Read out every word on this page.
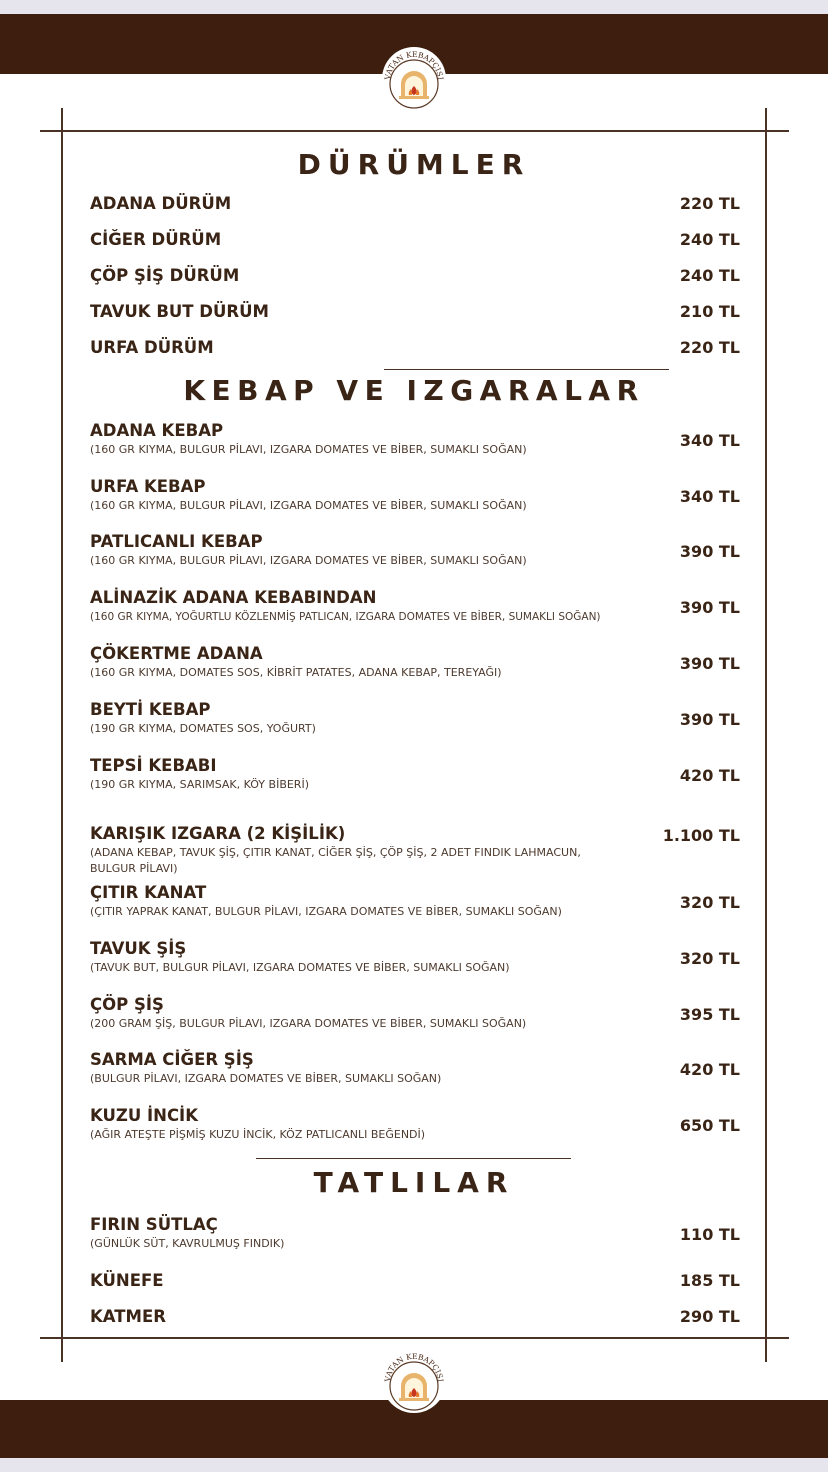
VATAN KEBAPÇISI
VATAN KEBAPÇISI
DÜRÜMLER
ADANA DÜRÜM	220 TL
CİĞER DÜRÜM	240 TL
ÇÖP ŞİŞ DÜRÜM	240 TL
TAVUK BUT DÜRÜM	210 TL
URFA DÜRÜM	220 TL
KEBAP VE IZGARALAR
ADANA KEBAP
(160 GR KIYMA, BULGUR PİLAVI, IZGARA DOMATES VE BİBER, SUMAKLI SOĞAN)	340 TL
URFA KEBAP
(160 GR KIYMA, BULGUR PİLAVI, IZGARA DOMATES VE BİBER, SUMAKLI SOĞAN)	340 TL
PATLICANLI KEBAP
(160 GR KIYMA, BULGUR PİLAVI, IZGARA DOMATES VE BİBER, SUMAKLI SOĞAN)	390 TL
ALİNAZİK ADANA KEBABINDAN
(160 GR KIYMA, YOĞURTLU KÖZLENMİŞ PATLICAN, IZGARA DOMATES VE BİBER, SUMAKLI SOĞAN)	390 TL
ÇÖKERTME ADANA
(160 GR KIYMA, DOMATES SOS, KİBRİT PATATES, ADANA KEBAP, TEREYAĞI)	390 TL
BEYTİ KEBAP
(190 GR KIYMA, DOMATES SOS, YOĞURT)	390 TL
TEPSİ KEBABI
(190 GR KIYMA, SARIMSAK, KÖY BİBERİ)	420 TL
KARIŞIK IZGARA (2 KİŞİLİK)
(ADANA KEBAP, TAVUK ŞİŞ, ÇITIR KANAT, CİĞER ŞİŞ, ÇÖP ŞİŞ, 2 ADET FINDIK LAHMACUN, BULGUR PİLAVI)
1.100 TL
ÇITIR KANAT
(ÇITIR YAPRAK KANAT, BULGUR PİLAVI, IZGARA DOMATES VE BİBER, SUMAKLI SOĞAN)	320 TL
TAVUK ŞİŞ
(TAVUK BUT, BULGUR PİLAVI, IZGARA DOMATES VE BİBER, SUMAKLI SOĞAN)	320 TL
ÇÖP ŞİŞ
(200 GRAM ŞİŞ, BULGUR PİLAVI, IZGARA DOMATES VE BİBER, SUMAKLI SOĞAN)	395 TL
SARMA CİĞER ŞİŞ
(BULGUR PİLAVI, IZGARA DOMATES VE BİBER, SUMAKLI SOĞAN)	420 TL
KUZU İNCİK
(AĞIR ATEŞTE PİŞMİŞ KUZU İNCİK, KÖZ PATLICANLI BEĞENDİ)	650 TL
TATLILAR
FIRIN SÜTLAÇ
(GÜNLÜK SÜT, KAVRULMUŞ FINDIK)	110 TL
KÜNEFE	185 TL
KATMER	290 TL
